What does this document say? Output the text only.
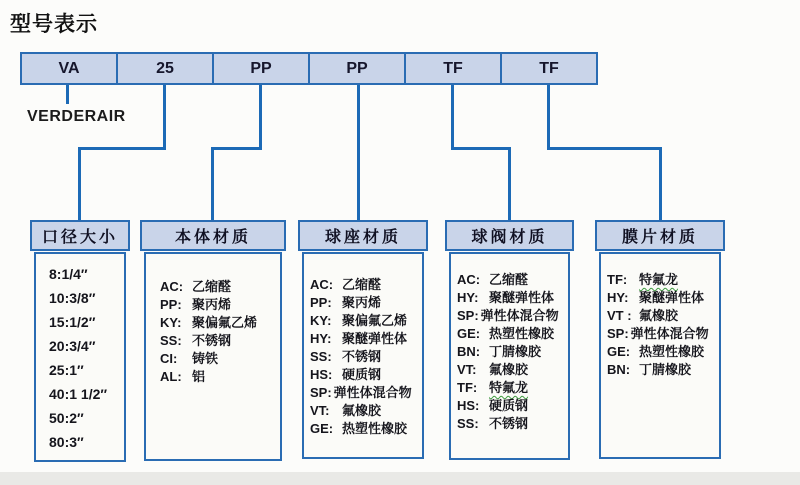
型号表示
VA	25	PP	PP	TF	TF
VERDERAIR
口径大小
8:1/4″
10:3/8″
15:1/2″
20:3/4″
25:1″
40:1 1/2″
50:2″
80:3″
本体材质
AC: 乙缩醛
PP: 聚丙烯
KY: 聚偏氟乙烯
SS: 不锈钢
CI: 铸铁
AL: 铝
球座材质
AC: 乙缩醛
PP: 聚丙烯
KY: 聚偏氟乙烯
HY: 聚醚弹性体
SS: 不锈钢
HS: 硬质钢
SP: 弹性体混合物
VT: 氟橡胶
GE: 热塑性橡胶
球阀材质
AC: 乙缩醛
HY: 聚醚弹性体
SP: 弹性体混合物
GE: 热塑性橡胶
BN: 丁腈橡胶
VT: 氟橡胶
TF: 特氟龙
HS: 硬质钢
SS: 不锈钢
膜片材质
TF: 特氟龙
HY: 聚醚弹性体
VT : 氟橡胶
SP: 弹性体混合物
GE: 热塑性橡胶
BN: 丁腈橡胶
